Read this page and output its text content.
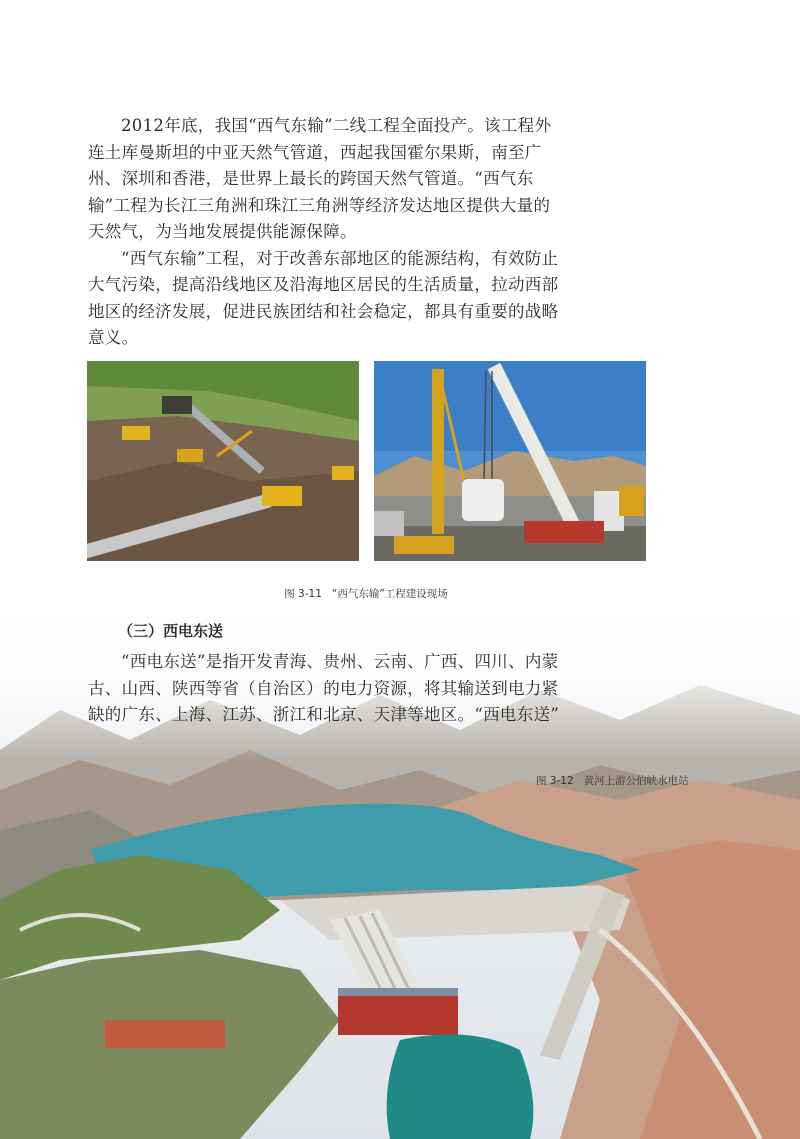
2012年底，我国“西气东输”二线工程全面投产。该工程外连土库曼斯坦的中亚天然气管道，西起我国霍尔果斯，南至广州、深圳和香港，是世界上最长的跨国天然气管道。“西气东输”工程为长江三角洲和珠江三角洲等经济发达地区提供大量的天然气，为当地发展提供能源保障。

“西气东输”工程，对于改善东部地区的能源结构，有效防止大气污染，提高沿线地区及沿海地区居民的生活质量，拉动西部地区的经济发展，促进民族团结和社会稳定，都具有重要的战略意义。

图 3-11 “西气东输”工程建设现场
（三）西电东送

“西电东送”是指开发青海、贵州、云南、广西、四川、内蒙古、山西、陕西等省（自治区）的电力资源，将其输送到电力紧缺的广东、上海、江苏、浙江和北京、天津等地区。“西电东送”

图 3-12 黄河上游公伯峡水电站
